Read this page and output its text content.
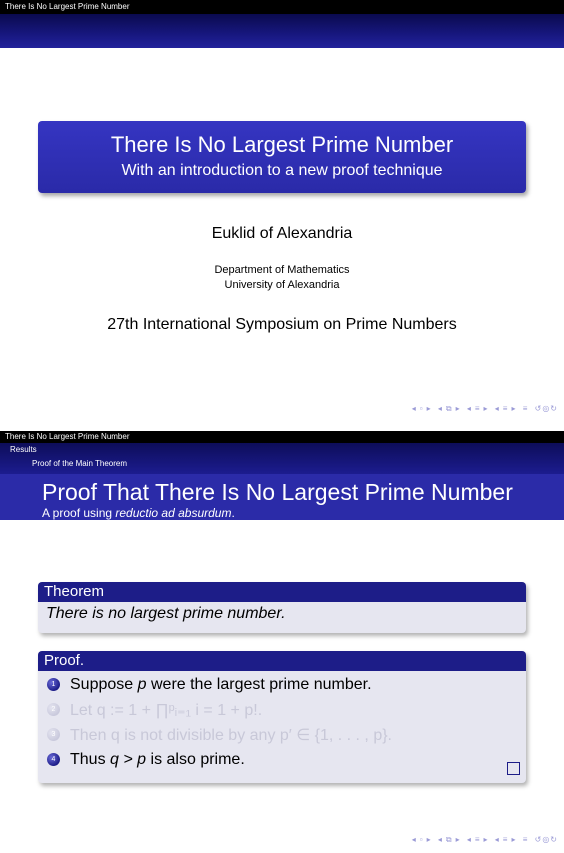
There Is No Largest Prime Number
There Is No Largest Prime Number
With an introduction to a new proof technique
Euklid of Alexandria
Department of Mathematics
University of Alexandria
27th International Symposium on Prime Numbers
◂ ▫ ▸ ◂ ⧉ ▸ ◂ ≡ ▸ ◂ ≡ ▸ ≡ ↺◎↻
There Is No Largest Prime Number
Results
Proof of the Main Theorem
Proof That There Is No Largest Prime Number
A proof using reductio ad absurdum.
Theorem
There is no largest prime number.
Proof.
1 Suppose
p
were the largest prime number.
2 Let q := 1 + ∏ᵖᵢ₌₁ i = 1 + p!.
3 Then q is not divisible by any p′ ∈ {1, . . . , p}.
4 Thus
q > p
is also prime.
◂ ▫ ▸ ◂ ⧉ ▸ ◂ ≡ ▸ ◂ ≡ ▸ ≡ ↺◎↻
